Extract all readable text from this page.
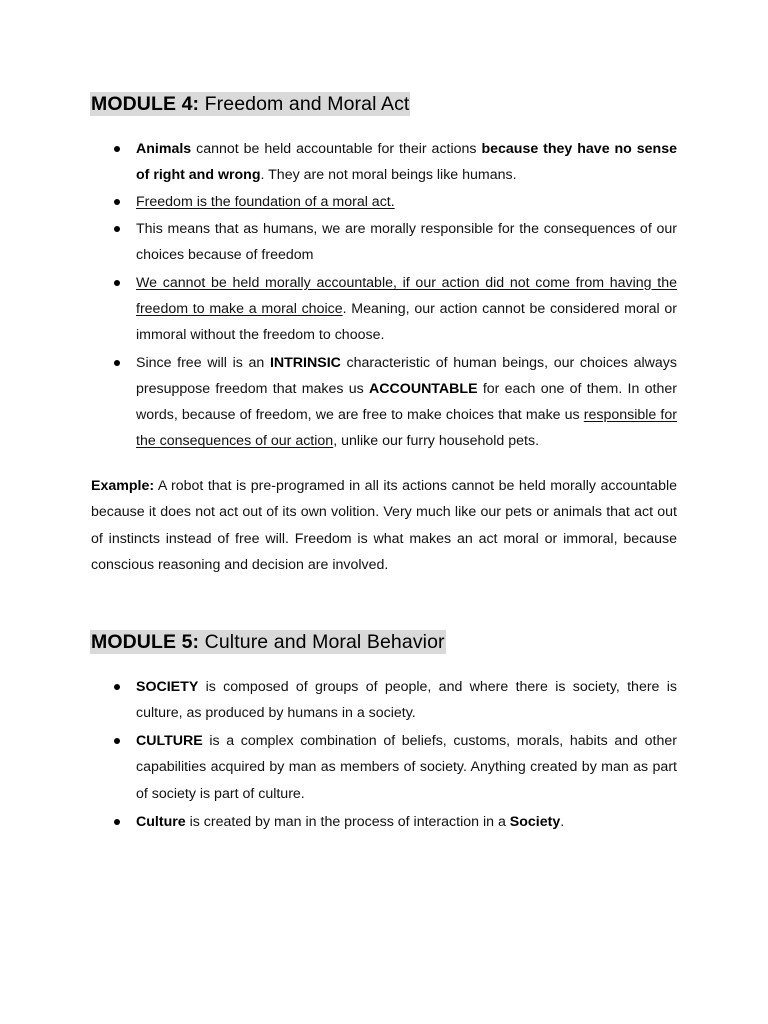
MODULE 4: Freedom and Moral Act
Animals cannot be held accountable for their actions because they have no sense of right and wrong. They are not moral beings like humans.
Freedom is the foundation of a moral act.
This means that as humans, we are morally responsible for the consequences of our choices because of freedom
We cannot be held morally accountable, if our action did not come from having the freedom to make a moral choice. Meaning, our action cannot be considered moral or immoral without the freedom to choose.
Since free will is an INTRINSIC characteristic of human beings, our choices always presuppose freedom that makes us ACCOUNTABLE for each one of them. In other words, because of freedom, we are free to make choices that make us responsible for the consequences of our action, unlike our furry household pets.

Example: A robot that is pre-programed in all its actions cannot be held morally accountable because it does not act out of its own volition. Very much like our pets or animals that act out of instincts instead of free will. Freedom is what makes an act moral or immoral, because conscious reasoning and decision are involved.

MODULE 5: Culture and Moral Behavior
SOCIETY is composed of groups of people, and where there is society, there is culture, as produced by humans in a society.
CULTURE is a complex combination of beliefs, customs, morals, habits and other capabilities acquired by man as members of society. Anything created by man as part of society is part of culture.
Culture is created by man in the process of interaction in a Society.
